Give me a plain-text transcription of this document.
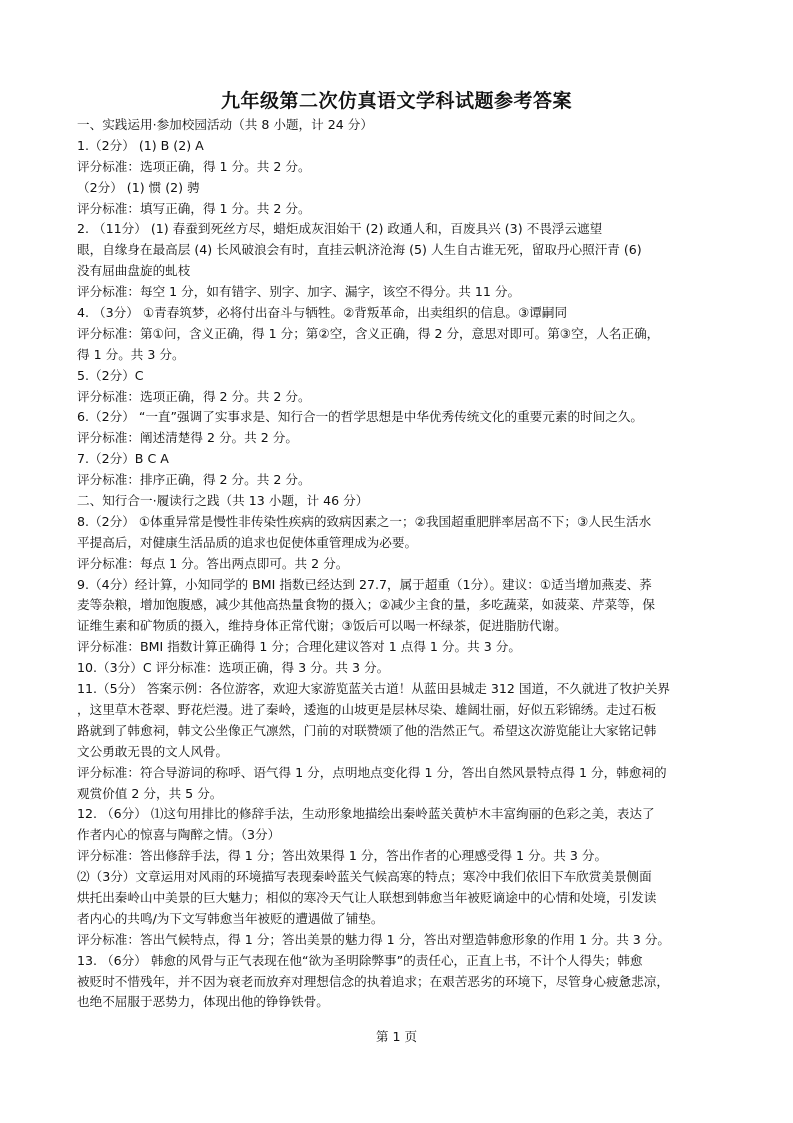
九年级第二次仿真语文学科试题参考答案
一、实践运用·参加校园活动（共 8 小题，计 24 分）
1.（2分） (1) B (2) A
评分标准：选项正确，得 1 分。共 2 分。
（2分） (1) 惯 (2) 骋
评分标准：填写正确，得 1 分。共 2 分。
2. （11分） (1) 春蚕到死丝方尽，蜡炬成灰泪始干 (2) 政通人和，百废具兴 (3) 不畏浮云遮望
眼，自缘身在最高层 (4) 长风破浪会有时，直挂云帆济沧海 (5) 人生自古谁无死，留取丹心照汗青 (6)
没有屈曲盘旋的虬枝
评分标准：每空 1 分，如有错字、别字、加字、漏字，该空不得分。共 11 分。
4. （3分） ①青春筑梦，必将付出奋斗与牺牲。②背叛革命，出卖组织的信息。③谭嗣同
评分标准：第①问，含义正确，得 1 分；第②空，含义正确，得 2 分，意思对即可。第③空，人名正确，
得 1 分。共 3 分。
5.（2分）C
评分标准：选项正确，得 2 分。共 2 分。
6.（2分） “一直”强调了实事求是、知行合一的哲学思想是中华优秀传统文化的重要元素的时间之久。
评分标准：阐述清楚得 2 分。共 2 分。
7.（2分）B C A
评分标准：排序正确，得 2 分。共 2 分。
二、知行合一·履读行之践（共 13 小题，计 46 分）
8.（2分） ①体重异常是慢性非传染性疾病的致病因素之一；②我国超重肥胖率居高不下；③人民生活水
平提高后，对健康生活品质的追求也促使体重管理成为必要。
评分标准：每点 1 分。答出两点即可。共 2 分。
9.（4分）经计算，小知同学的 BMI 指数已经达到 27.7，属于超重（1分）。建议：①适当增加燕麦、荞
麦等杂粮，增加饱腹感，减少其他高热量食物的摄入；②减少主食的量，多吃蔬菜，如菠菜、芹菜等，保
证维生素和矿物质的摄入，维持身体正常代谢；③饭后可以喝一杯绿茶，促进脂肪代谢。
评分标准：BMI 指数计算正确得 1 分；合理化建议答对 1 点得 1 分。共 3 分。
10.（3分）C 评分标准：选项正确，得 3 分。共 3 分。
11.（5分） 答案示例：各位游客，欢迎大家游览蓝关古道！从蓝田县城走 312 国道，不久就进了牧护关界
，这里草木苍翠、野花烂漫。进了秦岭，逶迤的山坡更是层林尽染、雄阔壮丽，好似五彩锦绣。走过石板
路就到了韩愈祠，韩文公坐像正气凛然，门前的对联赞颂了他的浩然正气。希望这次游览能让大家铭记韩
文公勇敢无畏的文人风骨。
评分标准：符合导游词的称呼、语气得 1 分，点明地点变化得 1 分，答出自然风景特点得 1 分，韩愈祠的
观赏价值 2 分，共 5 分。
12. （6分） ⑴这句用排比的修辞手法，生动形象地描绘出秦岭蓝关黄栌木丰富绚丽的色彩之美，表达了
作者内心的惊喜与陶醉之情。（3分）
评分标准：答出修辞手法，得 1 分；答出效果得 1 分，答出作者的心理感受得 1 分。共 3 分。
⑵（3分）文章运用对风雨的环境描写表现秦岭蓝关气候高寒的特点；寒冷中我们依旧下车欣赏美景侧面
烘托出秦岭山中美景的巨大魅力；相似的寒冷天气让人联想到韩愈当年被贬谪途中的心情和处境，引发读
者内心的共鸣/为下文写韩愈当年被贬的遭遇做了铺垫。
评分标准：答出气候特点，得 1 分；答出美景的魅力得 1 分，答出对塑造韩愈形象的作用 1 分。共 3 分。
13. （6分） 韩愈的风骨与正气表现在他“欲为圣明除弊事”的责任心，正直上书，不计个人得失；韩愈
被贬时不惜残年，并不因为衰老而放弃对理想信念的执着追求；在艰苦恶劣的环境下，尽管身心疲惫悲凉，
也绝不屈服于恶势力，体现出他的铮铮铁骨。
第 1 页
